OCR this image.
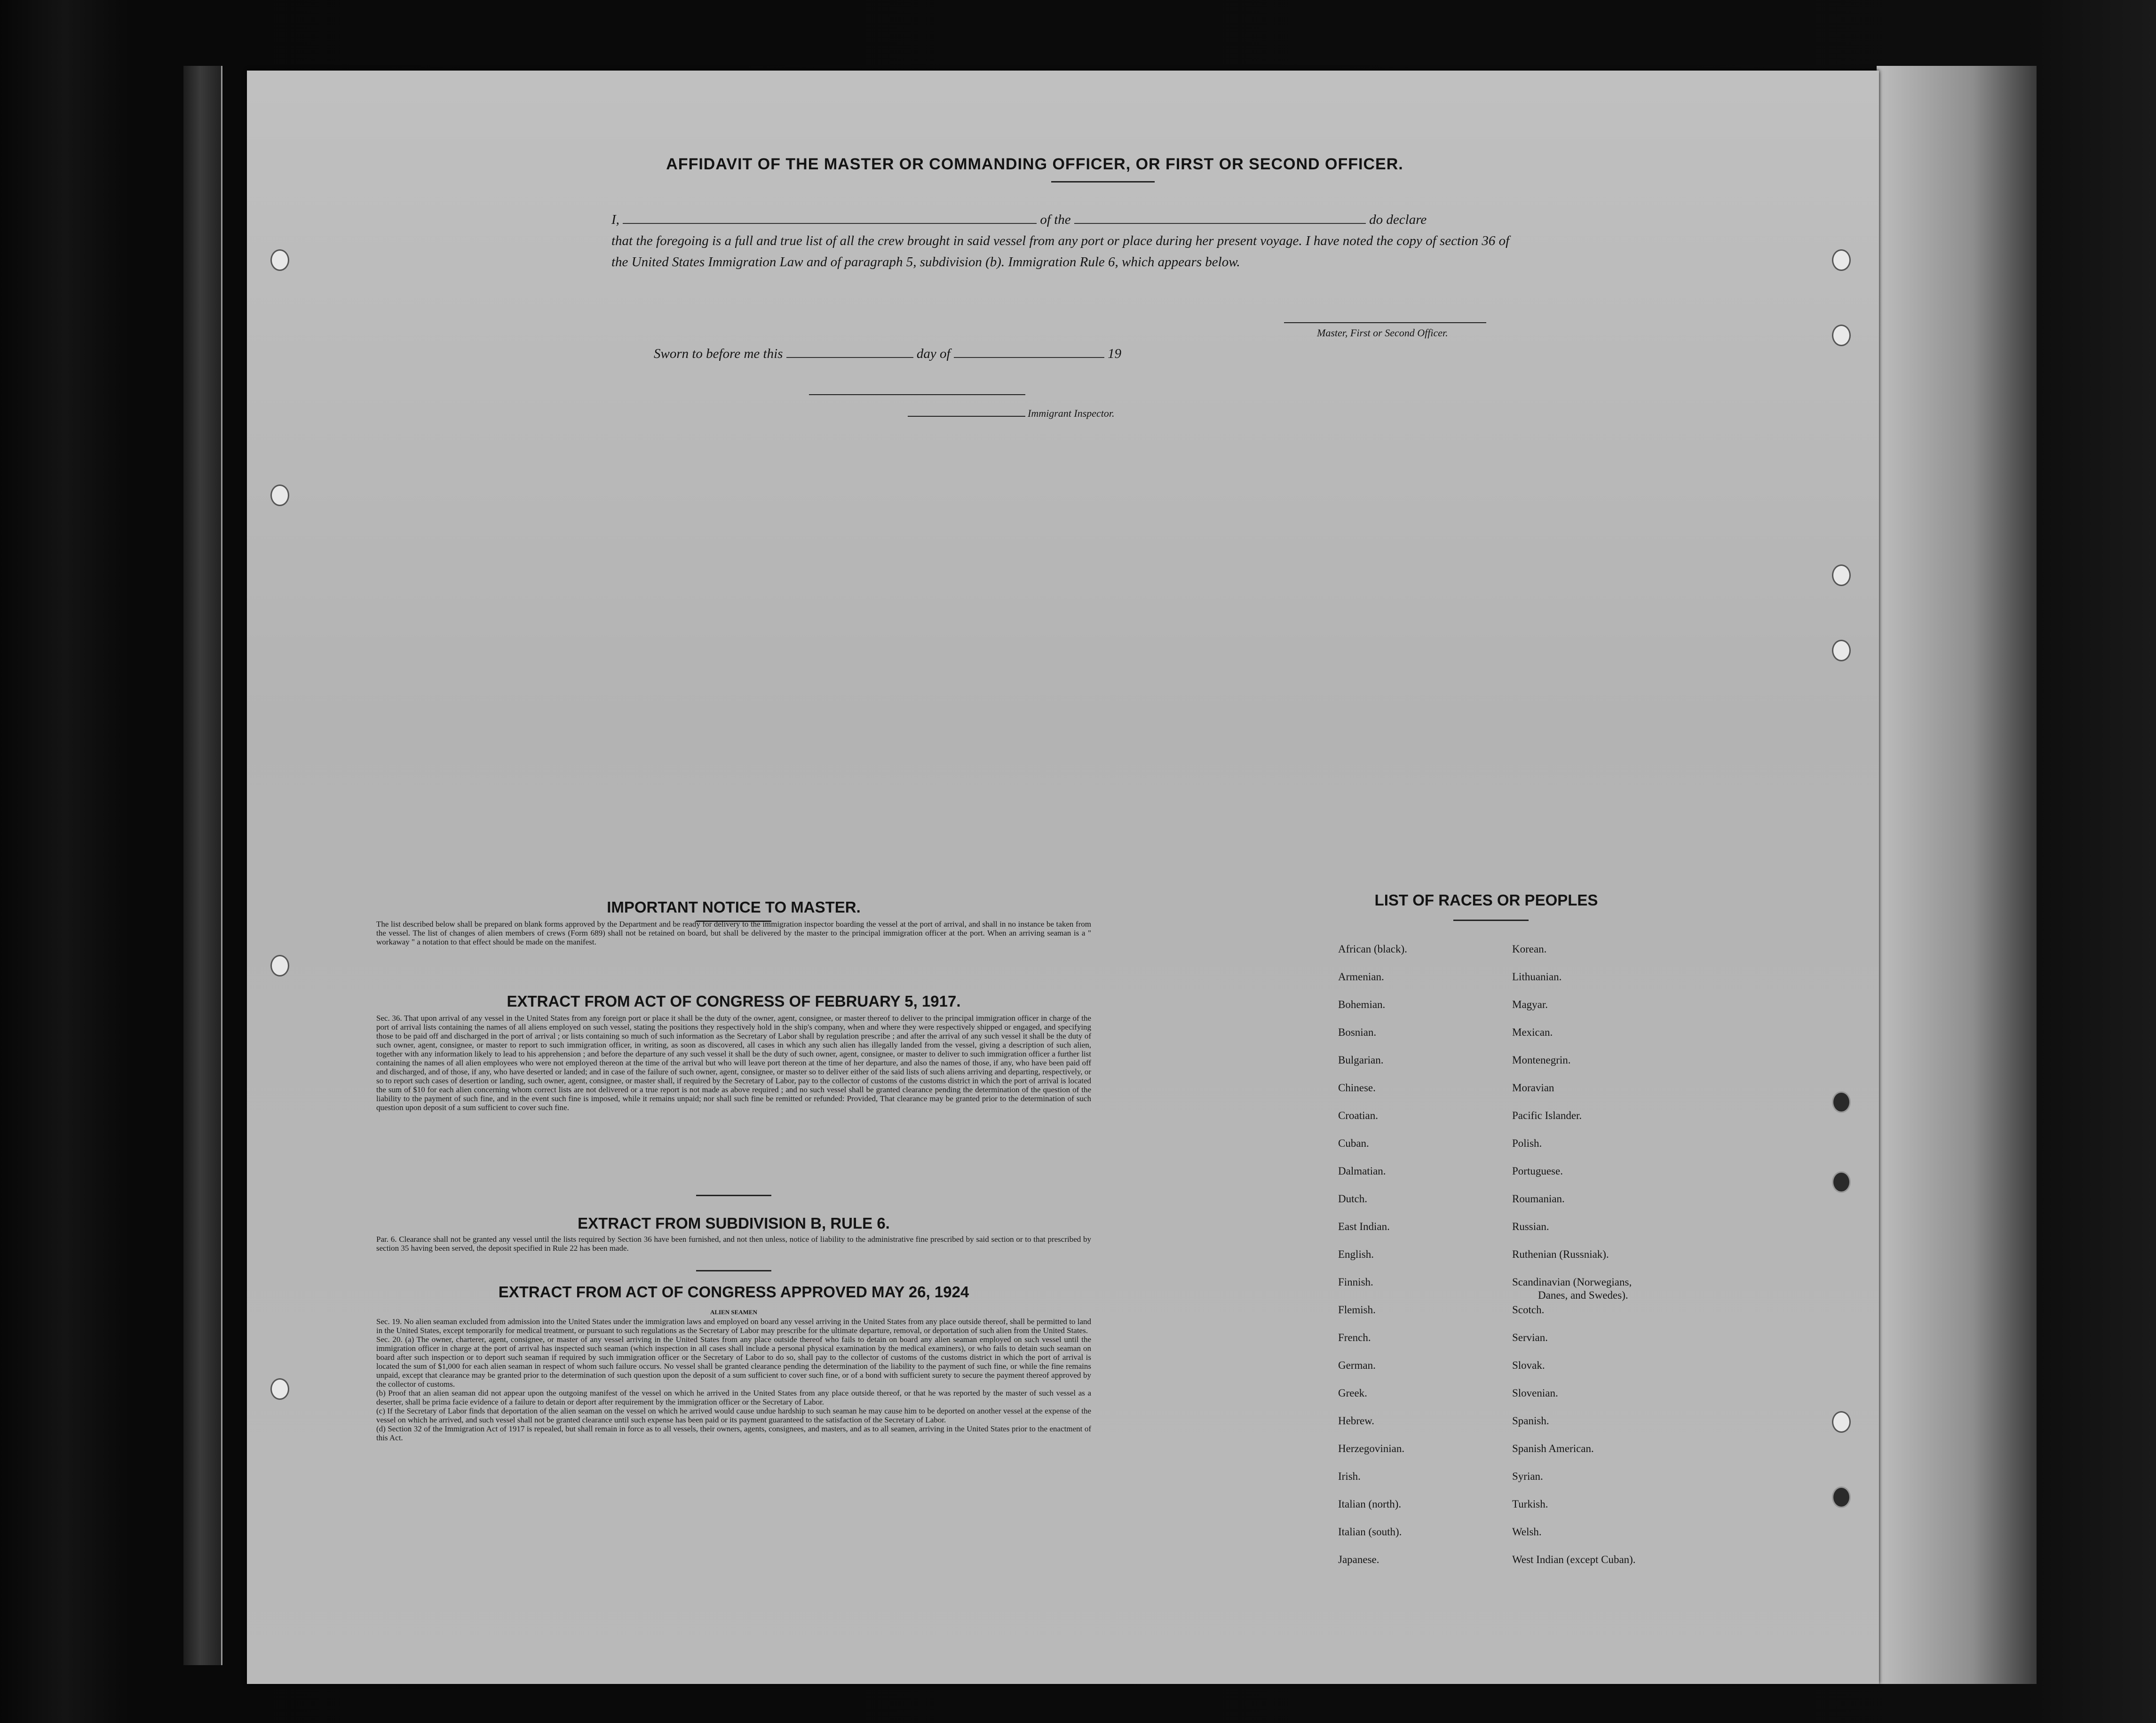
AFFIDAVIT OF THE MASTER OR COMMANDING OFFICER, OR FIRST OR SECOND OFFICER.
I,	of the	do declare
that the foregoing is a full and true list of all the crew brought in said vessel from any port or place during her present voyage. I have noted the copy of section 36 of the United States Immigration Law and of paragraph 5, subdivision (b). Immigration Rule 6, which appears below.
Master, First or Second Officer.
Sworn to before me this	day of	19
Immigrant Inspector.
IMPORTANT NOTICE TO MASTER.
The list described below shall be prepared on blank forms approved by the Department and be ready for delivery to the immigration inspector boarding the vessel at the port of arrival, and shall in no instance be taken from the vessel. The list of changes of alien members of crews (Form 689) shall not be retained on board, but shall be delivered by the master to the principal immigration officer at the port. When an arriving seaman is a " workaway " a notation to that effect should be made on the manifest.
EXTRACT FROM ACT OF CONGRESS OF FEBRUARY 5, 1917.
Sec. 36. That upon arrival of any vessel in the United States from any foreign port or place it shall be the duty of the owner, agent, consignee, or master thereof to deliver to the principal immigration officer in charge of the port of arrival lists containing the names of all aliens employed on such vessel, stating the positions they respectively hold in the ship's company, when and where they were respectively shipped or engaged, and specifying those to be paid off and discharged in the port of arrival ; or lists containing so much of such information as the Secretary of Labor shall by regulation prescribe ; and after the arrival of any such vessel it shall be the duty of such owner, agent, consignee, or master to report to such immigration officer, in writing, as soon as discovered, all cases in which any such alien has illegally landed from the vessel, giving a description of such alien, together with any information likely to lead to his apprehension ; and before the departure of any such vessel it shall be the duty of such owner, agent, consignee, or master to deliver to such immigration officer a further list containing the names of all alien employees who were not employed thereon at the time of the arrival but who will leave port thereon at the time of her departure, and also the names of those, if any, who have been paid off and discharged, and of those, if any, who have deserted or landed; and in case of the failure of such owner, agent, consignee, or master so to deliver either of the said lists of such aliens arriving and departing, respectively, or so to report such cases of desertion or landing, such owner, agent, consignee, or master shall, if required by the Secretary of Labor, pay to the collector of customs of the customs district in which the port of arrival is located the sum of $10 for each alien concerning whom correct lists are not delivered or a true report is not made as above required ; and no such vessel shall be granted clearance pending the determination of the question of the liability to the payment of such fine, and in the event such fine is imposed, while it remains unpaid; nor shall such fine be remitted or refunded: Provided, That clearance may be granted prior to the determination of such question upon deposit of a sum sufficient to cover such fine.
EXTRACT FROM SUBDIVISION B, RULE 6.
Par. 6. Clearance shall not be granted any vessel until the lists required by Section 36 have been furnished, and not then unless, notice of liability to the administrative fine prescribed by said section or to that prescribed by section 35 having been served, the deposit specified in Rule 22 has been made.
EXTRACT FROM ACT OF CONGRESS APPROVED MAY 26, 1924
ALIEN SEAMEN
Sec. 19. No alien seaman excluded from admission into the United States under the immigration laws and employed on board any vessel arriving in the United States from any place outside thereof, shall be permitted to land in the United States, except temporarily for medical treatment, or pursuant to such regulations as the Secretary of Labor may prescribe for the ultimate departure, removal, or deportation of such alien from the United States.
Sec. 20. (a) The owner, charterer, agent, consignee, or master of any vessel arriving in the United States from any place outside thereof who fails to detain on board any alien seaman employed on such vessel until the immigration officer in charge at the port of arrival has inspected such seaman (which inspection in all cases shall include a personal physical examination by the medical examiners), or who fails to detain such seaman on board after such inspection or to deport such seaman if required by such immigration officer or the Secretary of Labor to do so, shall pay to the collector of customs of the customs district in which the port of arrival is located the sum of $1,000 for each alien seaman in respect of whom such failure occurs. No vessel shall be granted clearance pending the determination of the liability to the payment of such fine, or while the fine remains unpaid, except that clearance may be granted prior to the determination of such question upon the deposit of a sum sufficient to cover such fine, or of a bond with sufficient surety to secure the payment thereof approved by the collector of customs.
(b) Proof that an alien seaman did not appear upon the outgoing manifest of the vessel on which he arrived in the United States from any place outside thereof, or that he was reported by the master of such vessel as a deserter, shall be prima facie evidence of a failure to detain or deport after requirement by the immigration officer or the Secretary of Labor.
(c) If the Secretary of Labor finds that deportation of the alien seaman on the vessel on which he arrived would cause undue hardship to such seaman he may cause him to be deported on another vessel at the expense of the vessel on which he arrived, and such vessel shall not be granted clearance until such expense has been paid or its payment guaranteed to the satisfaction of the Secretary of Labor.
(d) Section 32 of the Immigration Act of 1917 is repealed, but shall remain in force as to all vessels, their owners, agents, consignees, and masters, and as to all seamen, arriving in the United States prior to the enactment of this Act.
LIST OF RACES OR PEOPLES
African (black).
Armenian.
Bohemian.
Bosnian.
Bulgarian.
Chinese.
Croatian.
Cuban.
Dalmatian.
Dutch.
East Indian.
English.
Finnish.
Flemish.
French.
German.
Greek.
Hebrew.
Herzegovinian.
Irish.
Italian (north).
Italian (south).
Japanese.
Korean.
Lithuanian.
Magyar.
Mexican.
Montenegrin.
Moravian
Pacific Islander.
Polish.
Portuguese.
Roumanian.
Russian.
Ruthenian (Russniak).
Scandinavian (Norwegians,
Danes, and Swedes).
Scotch.
Servian.
Slovak.
Slovenian.
Spanish.
Spanish American.
Syrian.
Turkish.
Welsh.
West Indian (except Cuban).
